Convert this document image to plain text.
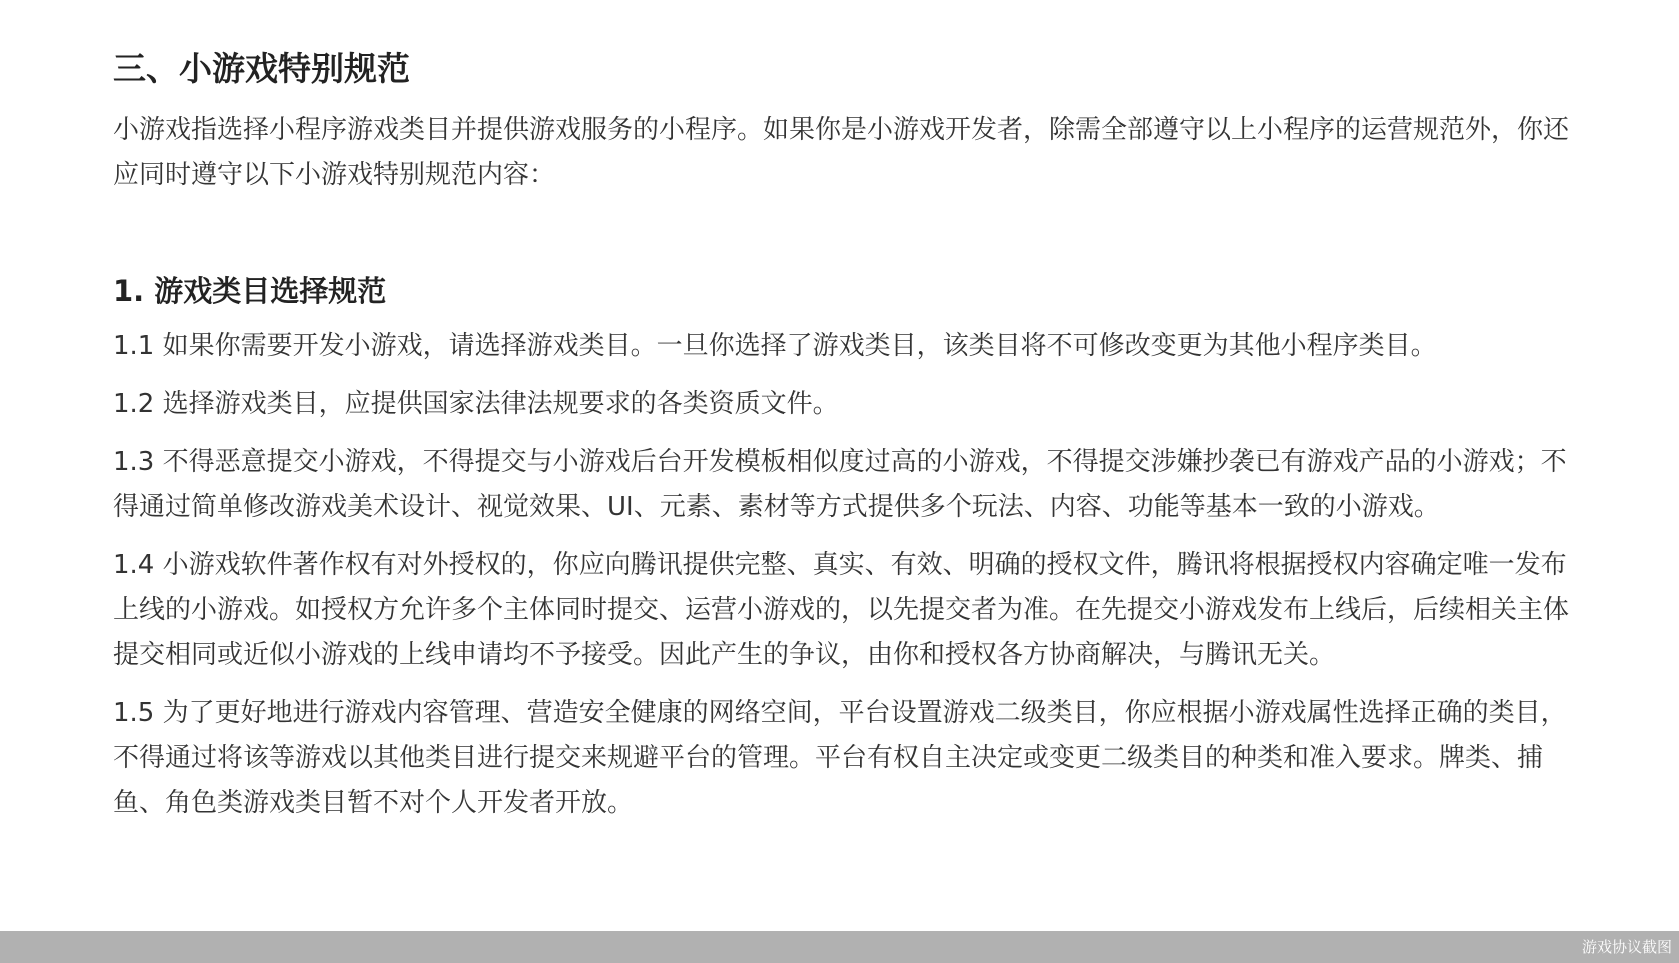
三、小游戏特别规范

小游戏指选择小程序游戏类目并提供游戏服务的小程序。如果你是小游戏开发者，除需全部遵守以上小程序的运营规范外，你还应同时遵守以下小游戏特别规范内容：

1. 游戏类目选择规范
1.1 如果你需要开发小游戏，请选择游戏类目。一旦你选择了游戏类目，该类目将不可修改变更为其他小程序类目。
1.2 选择游戏类目，应提供国家法律法规要求的各类资质文件。
1.3 不得恶意提交小游戏，不得提交与小游戏后台开发模板相似度过高的小游戏，不得提交涉嫌抄袭已有游戏产品的小游戏；不得通过简单修改游戏美术设计、视觉效果、UI、元素、素材等方式提供多个玩法、内容、功能等基本一致的小游戏。
1.4 小游戏软件著作权有对外授权的，你应向腾讯提供完整、真实、有效、明确的授权文件，腾讯将根据授权内容确定唯一发布上线的小游戏。如授权方允许多个主体同时提交、运营小游戏的，以先提交者为准。在先提交小游戏发布上线后，后续相关主体提交相同或近似小游戏的上线申请均不予接受。因此产生的争议，由你和授权各方协商解决，与腾讯无关。
1.5 为了更好地进行游戏内容管理、营造安全健康的网络空间，平台设置游戏二级类目，你应根据小游戏属性选择正确的类目，不得通过将该等游戏以其他类目进行提交来规避平台的管理。平台有权自主决定或变更二级类目的种类和准入要求。牌类、捕鱼、角色类游戏类目暂不对个人开发者开放。
游戏协议截图
